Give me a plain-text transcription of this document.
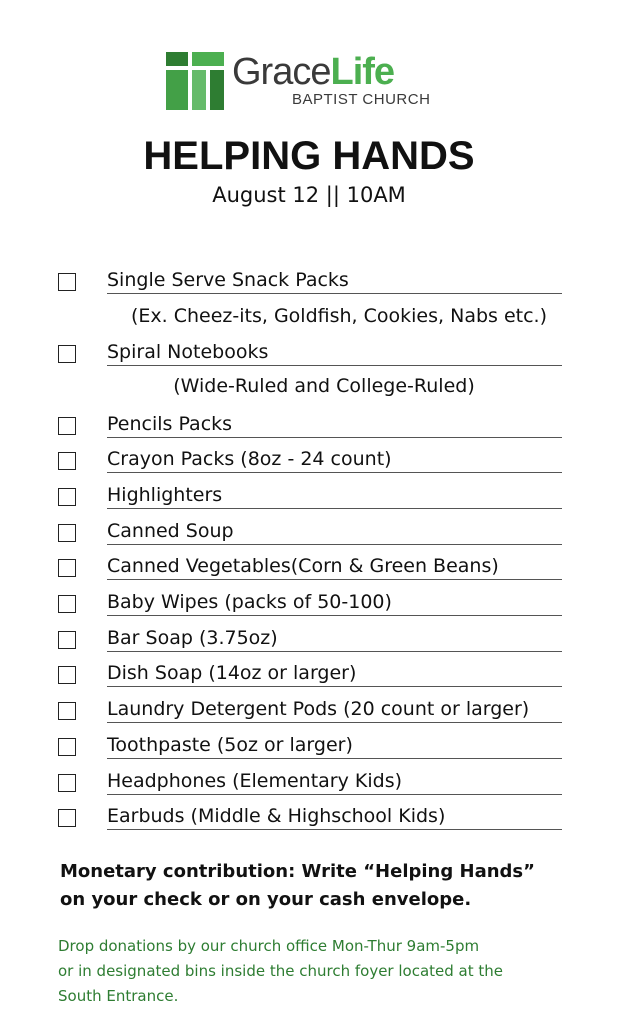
GraceLife
BAPTIST CHURCH
HELPING HANDS
August 12 || 10AM
Single Serve Snack Packs
Spiral Notebooks
Pencils Packs
Crayon Packs (8oz - 24 count)
Highlighters
Canned Soup
Canned Vegetables(Corn & Green Beans)
Baby Wipes (packs of 50-100)
Bar Soap (3.75oz)
Dish Soap (14oz or larger)
Laundry Detergent Pods (20 count or larger)
Toothpaste (5oz or larger)
Headphones (Elementary Kids)
Earbuds (Middle & Highschool Kids)
(Ex. Cheez-its, Goldfish, Cookies, Nabs etc.)
(Wide-Ruled and College-Ruled)
Monetary contribution: Write “Helping Hands”
on your check or on your cash envelope.
Drop donations by our church office Mon-Thur 9am-5pm
or in designated bins inside the church foyer located at the
South Entrance.
